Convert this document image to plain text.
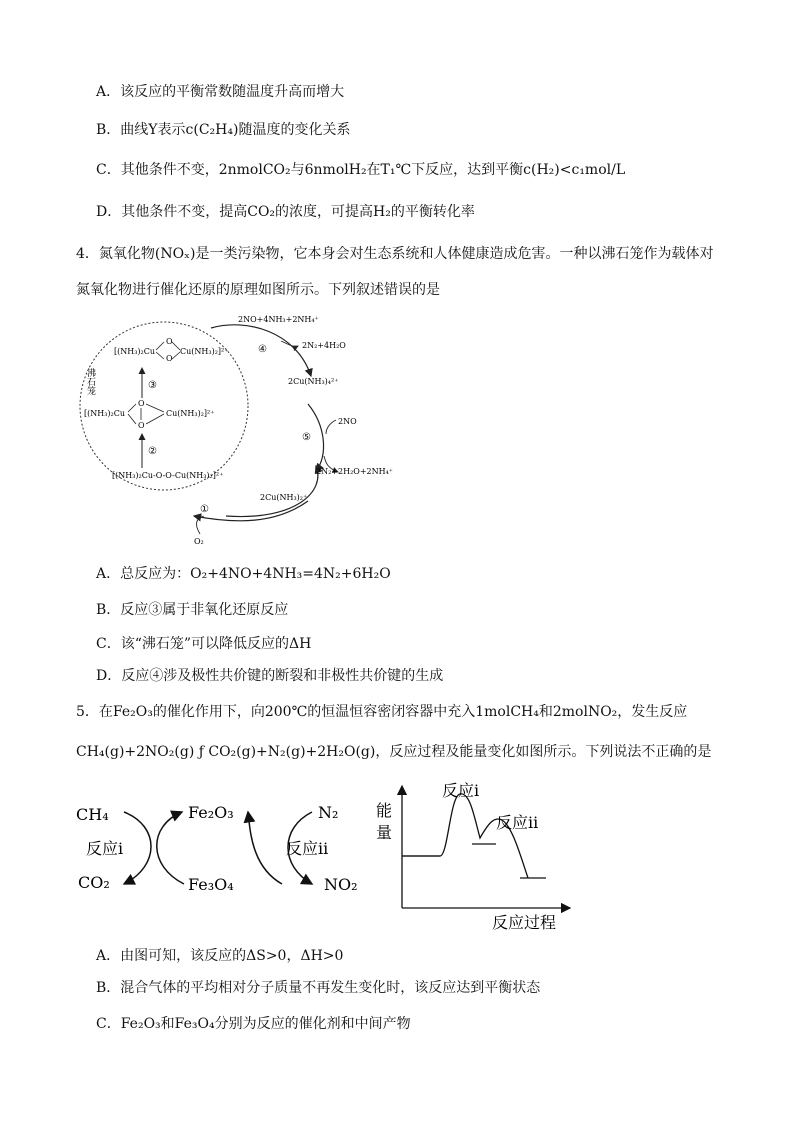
A．该反应的平衡常数随温度升高而增大
B．曲线Y表示c(C₂H₄)随温度的变化关系
C．其他条件不变，2nmolCO₂与6nmolH₂在T₁℃下反应，达到平衡c(H₂)<c₁mol/L
D．其他条件不变，提高CO₂的浓度，可提高H₂的平衡转化率
4．氮氧化物(NOₓ)是一类污染物，它本身会对生态系统和人体健康造成危害。一种以沸石笼作为载体对
氮氧化物进行催化还原的原理如图所示。下列叙述错误的是
沸石笼
[(NH₃)₂Cu	Cu(NH₃)₂]²⁺
O
O
[(NH₃)₂Cu	Cu(NH₃)₂]²⁺
O
O
[(NH₃)₂Cu-O-O-Cu(NH₃)₂]²⁺
③
②
2NO+4NH₃+2NH₄⁺
④	2N₂+4H₂O
2Cu(NH₃)₄²⁺
2NO
⑤
2N₂+2H₂O+2NH₄⁺
2Cu(NH₃)₂⁺
①
O₂
A．总反应为：O₂+4NO+4NH₃=4N₂+6H₂O
B．反应③属于非氧化还原反应
C．该“沸石笼”可以降低反应的ΔH
D．反应④涉及极性共价键的断裂和非极性共价键的生成
5．在Fe₂O₃的催化作用下，向200℃的恒温恒容密闭容器中充入1molCH₄和2molNO₂，发生反应
CH₄(g)+2NO₂(g) ƒ CO₂(g)+N₂(g)+2H₂O(g)，反应过程及能量变化如图所示。下列说法不正确的是
CH₄
反应i
CO₂
Fe₂O₃
Fe₃O₄
反应ii
N₂
NO₂
能
量
反应过程
反应i
反应ii
A．由图可知，该反应的ΔS>0，ΔH>0
B．混合气体的平均相对分子质量不再发生变化时，该反应达到平衡状态
C．Fe₂O₃和Fe₃O₄分别为反应的催化剂和中间产物
